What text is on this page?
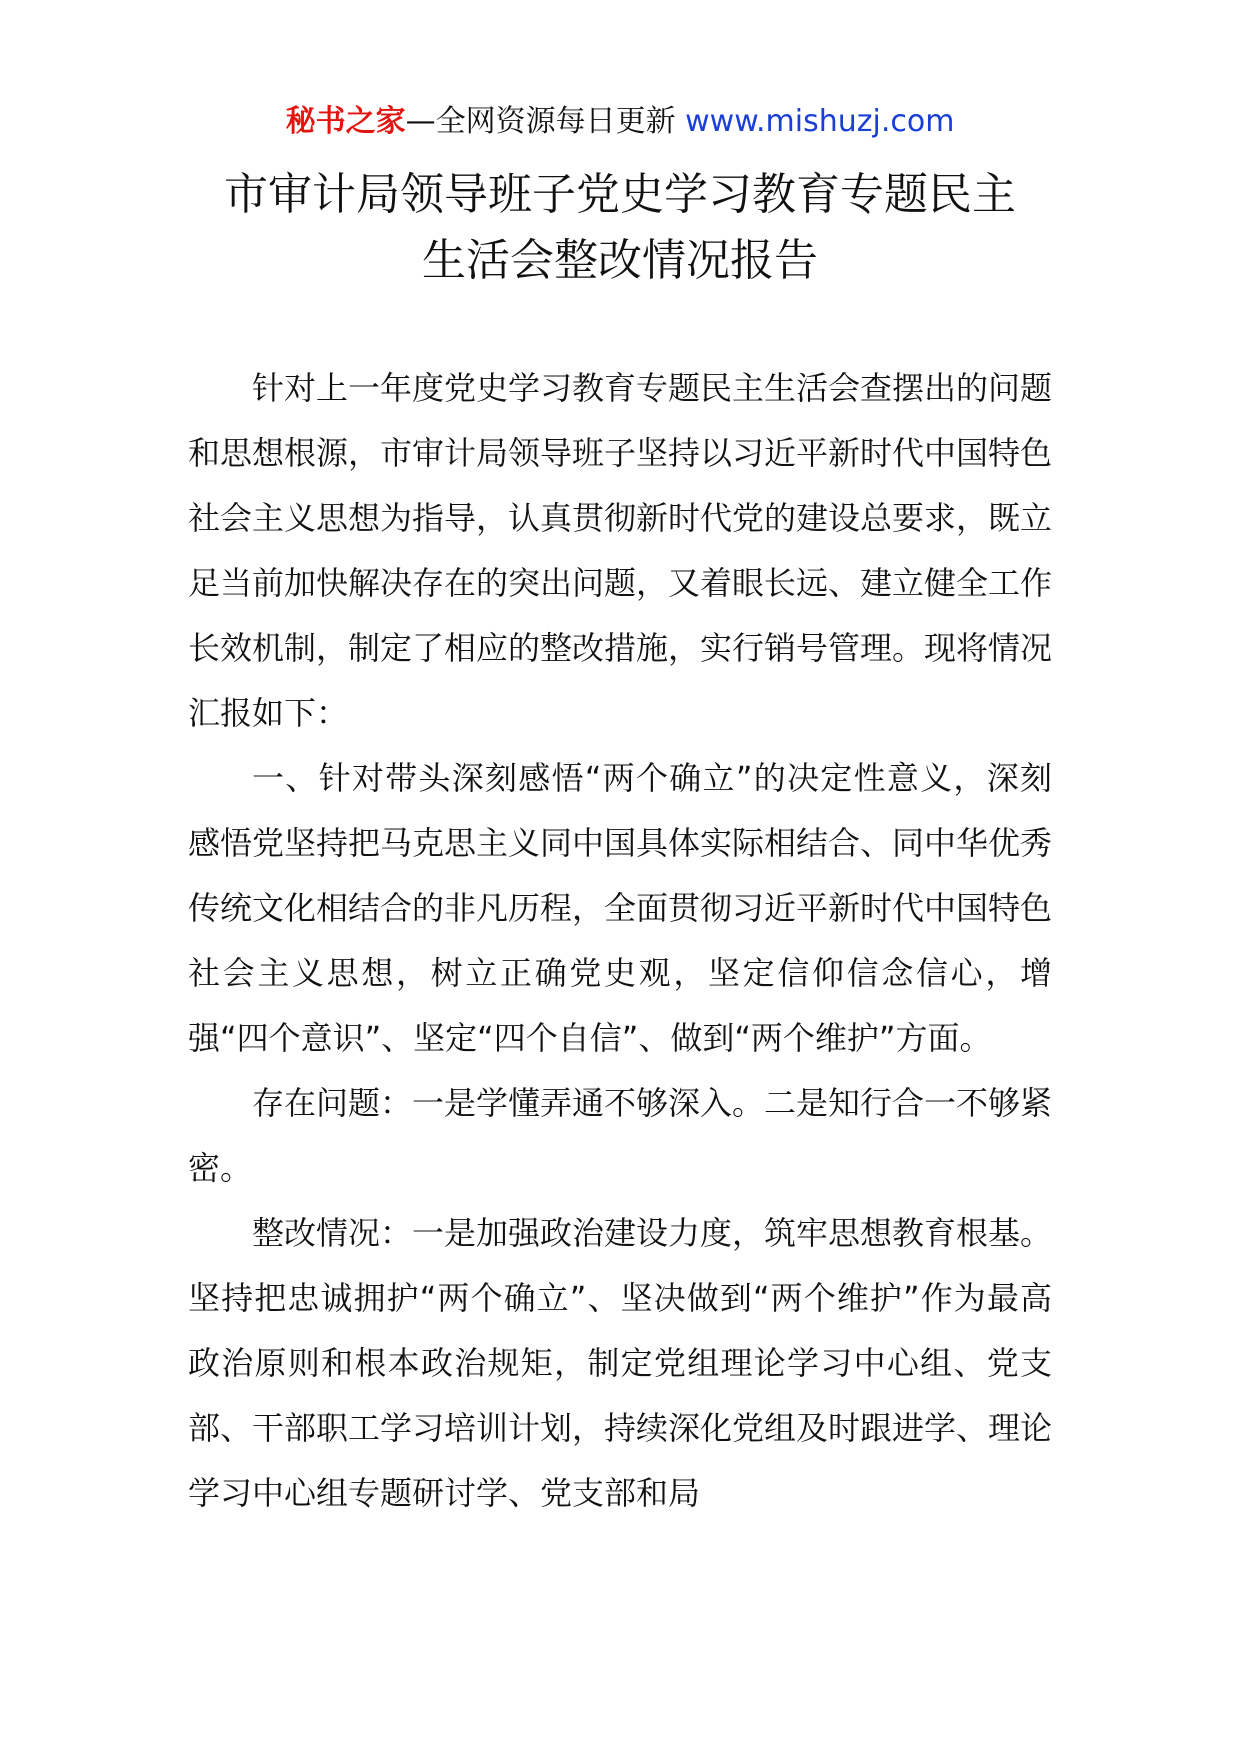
秘书之家—全网资源每日更新 www.mishuzj.com
市审计局领导班子党史学习教育专题民主
生活会整改情况报告

针对上一年度党史学习教育专题民主生活会查摆出的问题和思想根源，市审计局领导班子坚持以习近平新时代中国特色社会主义思想为指导，认真贯彻新时代党的建设总要求，既立足当前加快解决存在的突出问题，又着眼长远、建立健全工作长效机制，制定了相应的整改措施，实行销号管理。现将情况汇报如下：

一、针对带头深刻感悟“两个确立”的决定性意义，深刻感悟党坚持把马克思主义同中国具体实际相结合、同中华优秀传统文化相结合的非凡历程，全面贯彻习近平新时代中国特色社会主义思想，树立正确党史观，坚定信仰信念信心，增强“四个意识”、坚定“四个自信”、做到“两个维护”方面。

存在问题：一是学懂弄通不够深入。二是知行合一不够紧密。

整改情况：一是加强政治建设力度，筑牢思想教育根基。坚持把忠诚拥护“两个确立”、坚决做到“两个维护”作为最高政治原则和根本政治规矩，制定党组理论学习中心组、党支部、干部职工学习培训计划，持续深化党组及时跟进学、理论学习中心组专题研讨学、党支部和局
